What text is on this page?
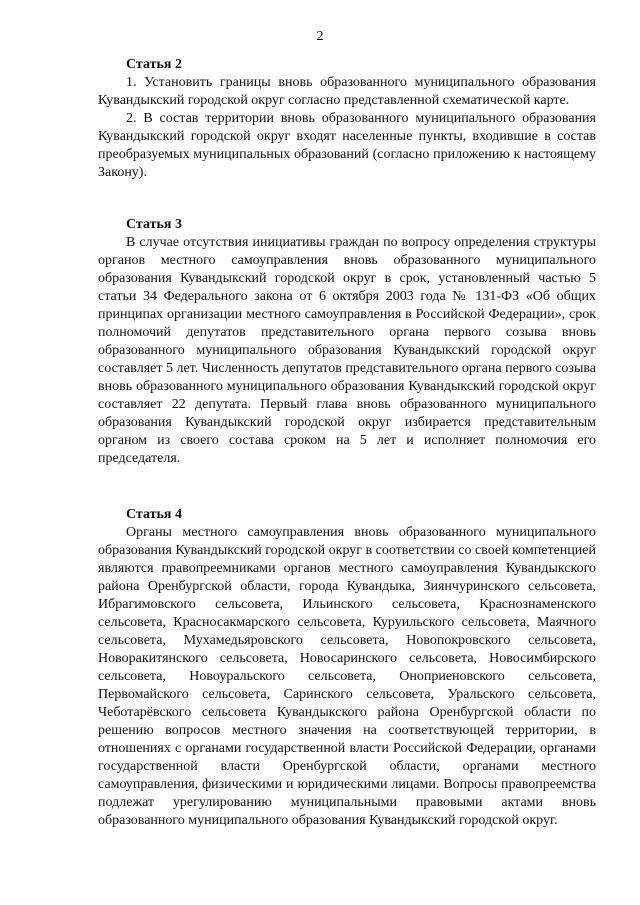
2

Статья 2

1. Установить границы вновь образованного муниципального образования Кувандыкский городской округ согласно представленной схематической карте.

2. В состав территории вновь образованного муниципального образования Кувандыкский городской округ входят населенные пункты, входившие в состав преобразуемых муниципальных образований (согласно приложению к настоящему Закону).

Статья 3

В случае отсутствия инициативы граждан по вопросу определения структуры органов местного самоуправления вновь образованного муниципального образования Кувандыкский городской округ в срок, установленный частью 5 статьи 34 Федерального закона от 6 октября 2003 года № 131-ФЗ «Об общих принципах организации местного самоуправления в Российской Федерации», срок полномочий депутатов представительного органа первого созыва вновь образованного муниципального образования Кувандыкский городской округ составляет 5 лет. Численность депутатов представительного органа первого созыва вновь образованного муниципального образования Кувандыкский городской округ составляет 22 депутата. Первый глава вновь образованного муниципального образования Кувандыкский городской округ избирается представительным органом из своего состава сроком на 5 лет и исполняет полномочия его председателя.

Статья 4

Органы местного самоуправления вновь образованного муниципального образования Кувандыкский городской округ в соответствии со своей компетенцией являются правопреемниками органов местного самоуправления Кувандыкского района Оренбургской области, города Кувандыка, Зиянчуринского сельсовета, Ибрагимовского сельсовета, Ильинского сельсовета, Краснознаменского сельсовета, Красносакмарского сельсовета, Куруильского сельсовета, Маячного сельсовета, Мухамедьяровского сельсовета, Новопокровского сельсовета, Новоракитянского сельсовета, Новосаринского сельсовета, Новосимбирского сельсовета, Новоуральского сельсовета, Оноприеновского сельсовета, Первомайского сельсовета, Саринского сельсовета, Уральского сельсовета, Чеботарёвского сельсовета Кувандыкского района Оренбургской области по решению вопросов местного значения на соответствующей территории, в отношениях с органами государственной власти Российской Федерации, органами государственной власти Оренбургской области, органами местного самоуправления, физическими и юридическими лицами. Вопросы правопреемства подлежат урегулированию муниципальными правовыми актами вновь образованного муниципального образования Кувандыкский городской округ.
